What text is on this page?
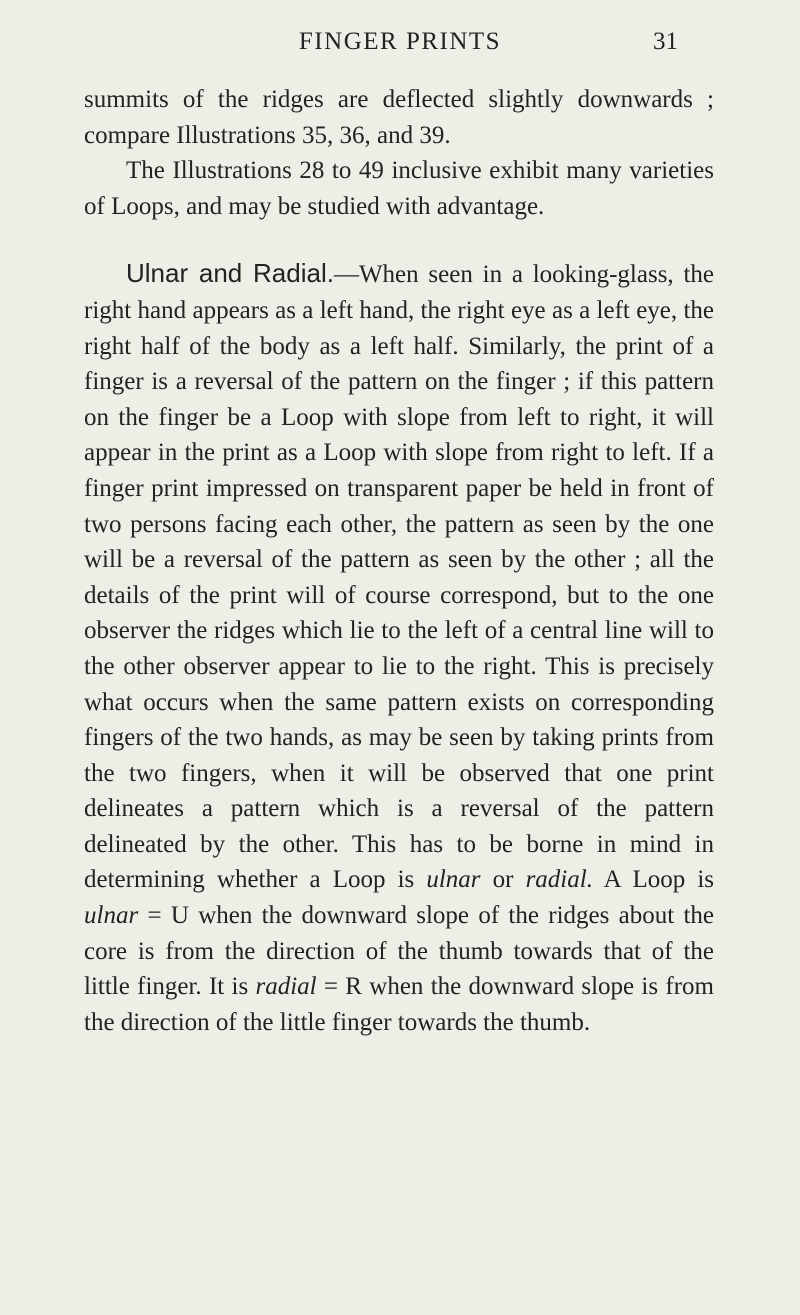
FINGER PRINTS	31

summits of the ridges are deflected slightly downwards ; compare Illustrations 35, 36, and 39.

The Illustrations 28 to 49 inclusive exhibit many varieties of Loops, and may be studied with advantage.

Ulnar and Radial.—When seen in a looking-glass, the right hand appears as a left hand, the right eye as a left eye, the right half of the body as a left half. Similarly, the print of a finger is a reversal of the pattern on the finger ; if this pattern on the finger be a Loop with slope from left to right, it will appear in the print as a Loop with slope from right to left. If a finger print impressed on transparent paper be held in front of two persons facing each other, the pattern as seen by the one will be a reversal of the pattern as seen by the other ; all the details of the print will of course correspond, but to the one observer the ridges which lie to the left of a central line will to the other observer appear to lie to the right. This is precisely what occurs when the same pattern exists on corresponding fingers of the two hands, as may be seen by taking prints from the two fingers, when it will be observed that one print delineates a pattern which is a reversal of the pattern delineated by the other. This has to be borne in mind in determining whether a Loop is ulnar or radial. A Loop is ulnar = U when the downward slope of the ridges about the core is from the direction of the thumb towards that of the little finger. It is radial = R when the downward slope is from the direction of the little finger towards the thumb.
